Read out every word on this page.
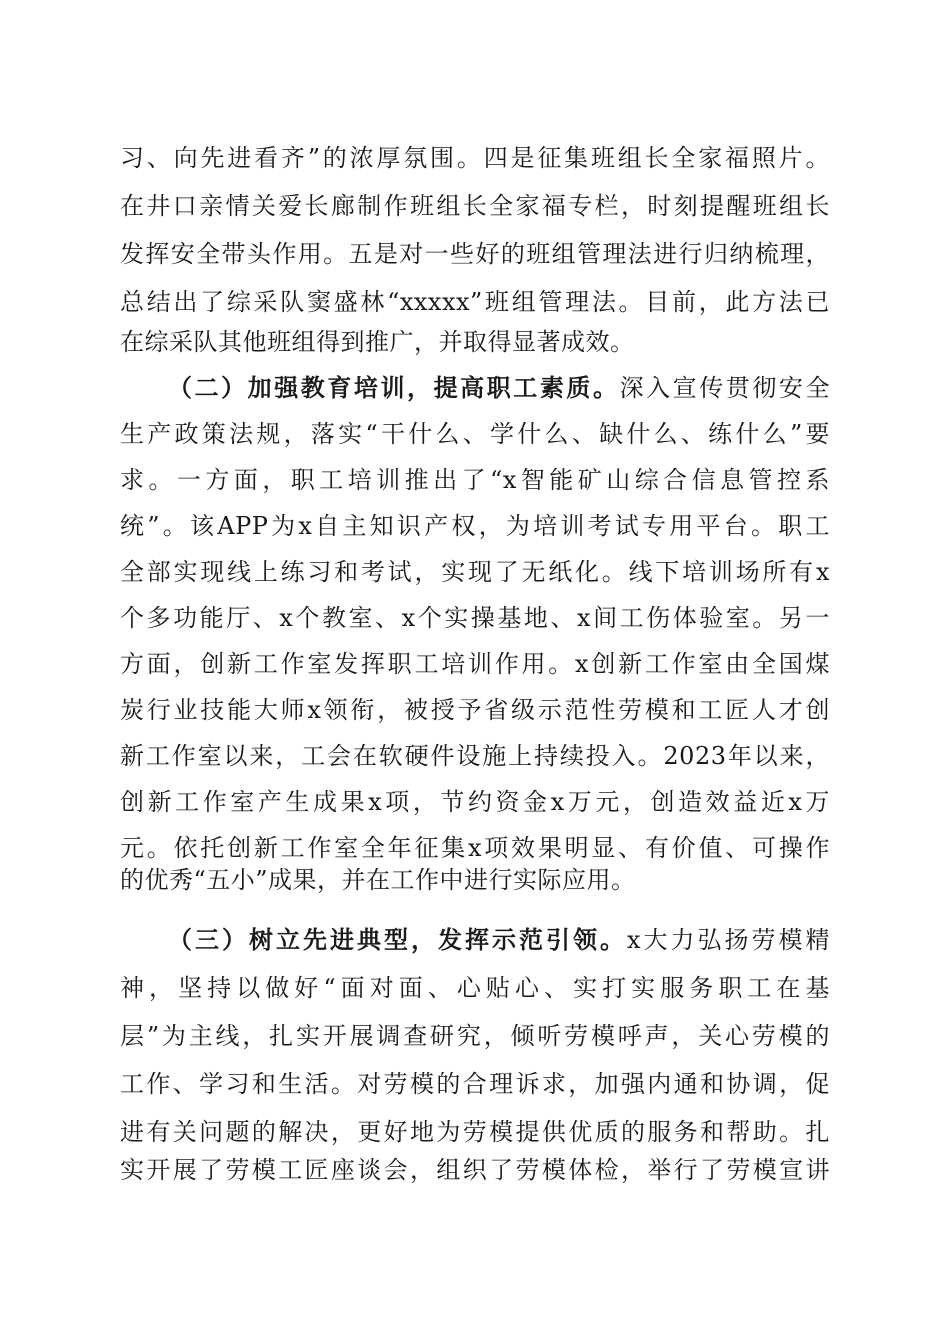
习、向先进看齐”的浓厚氛围。四是征集班组长全家福照片。
在井口亲情关爱长廊制作班组长全家福专栏，时刻提醒班组长
发挥安全带头作用。五是对一些好的班组管理法进行归纳梳理，
总结出了综采队窦盛林“xxxxx”班组管理法。目前，此方法已
在综采队其他班组得到推广，并取得显著成效。
（二）加强教育培训，提高职工素质。深入宣传贯彻安全
生产政策法规，落实“干什么、学什么、缺什么、练什么”要
求。一方面，职工培训推出了“x智能矿山综合信息管控系
统”。该APP为x自主知识产权，为培训考试专用平台。职工
全部实现线上练习和考试，实现了无纸化。线下培训场所有x
个多功能厅、x个教室、x个实操基地、x间工伤体验室。另一
方面，创新工作室发挥职工培训作用。x创新工作室由全国煤
炭行业技能大师x领衔，被授予省级示范性劳模和工匠人才创
新工作室以来，工会在软硬件设施上持续投入。2023年以来，
创新工作室产生成果x项，节约资金x万元，创造效益近x万
元。依托创新工作室全年征集x项效果明显、有价值、可操作
的优秀“五小”成果，并在工作中进行实际应用。
（三）树立先进典型，发挥示范引领。x大力弘扬劳模精
神，坚持以做好“面对面、心贴心、实打实服务职工在基
层”为主线，扎实开展调查研究，倾听劳模呼声，关心劳模的
工作、学习和生活。对劳模的合理诉求，加强内通和协调，促
进有关问题的解决，更好地为劳模提供优质的服务和帮助。扎
实开展了劳模工匠座谈会，组织了劳模体检，举行了劳模宣讲
